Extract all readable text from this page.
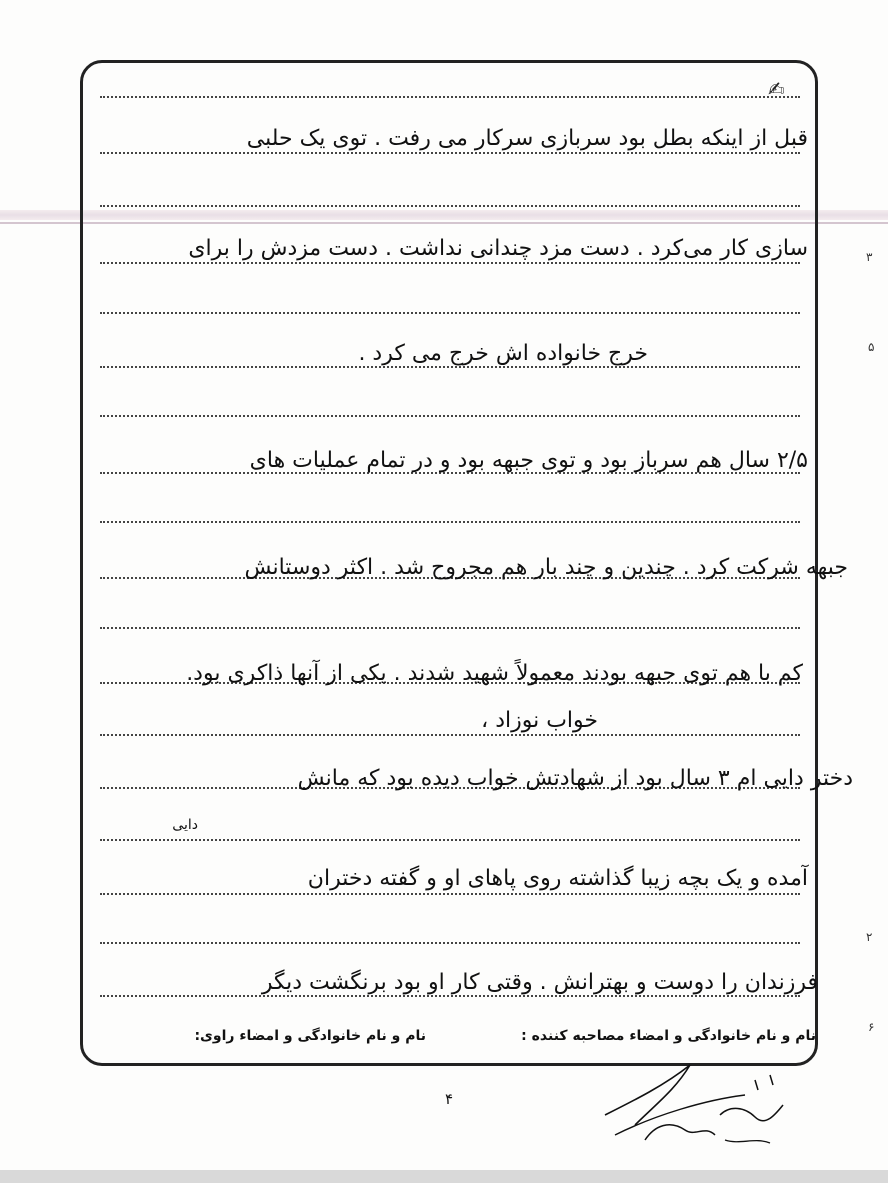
✍
قبل از اینکه بطل بود سربازی سرکار می رفت . توی یک حلبی
سازی کار می‌کرد . دست مزد چندانی نداشت . دست مزدش را برای
خرج خانواده اش خرج می کرد .
۲/۵ سال هم سرباز بود و توی جبهه بود و در تمام عملیات های
جبهه شرکت کرد . چندین و چند بار هم مجروح شد . اکثر دوستانش
کم با هم توی جبهه بودند معمولاً شهید شدند . یکی از آنها ذاکری بود.
خواب نوزاد ،
دختر دایی ام ۳ سال بود از شهادتش خواب دیده بود که مانش
دایی
آمده و یک بچه زیبا گذاشته روی پاهای او و گفته دختران
فرزندان را دوست و بهترانش . وقتی کار او بود برنگشت دیگر
نام و نام خانوادگی و امضاء مصاحبه کننده :
نام و نام خانوادگی و امضاء راوی:
۴
۳
۵
۲
۶
